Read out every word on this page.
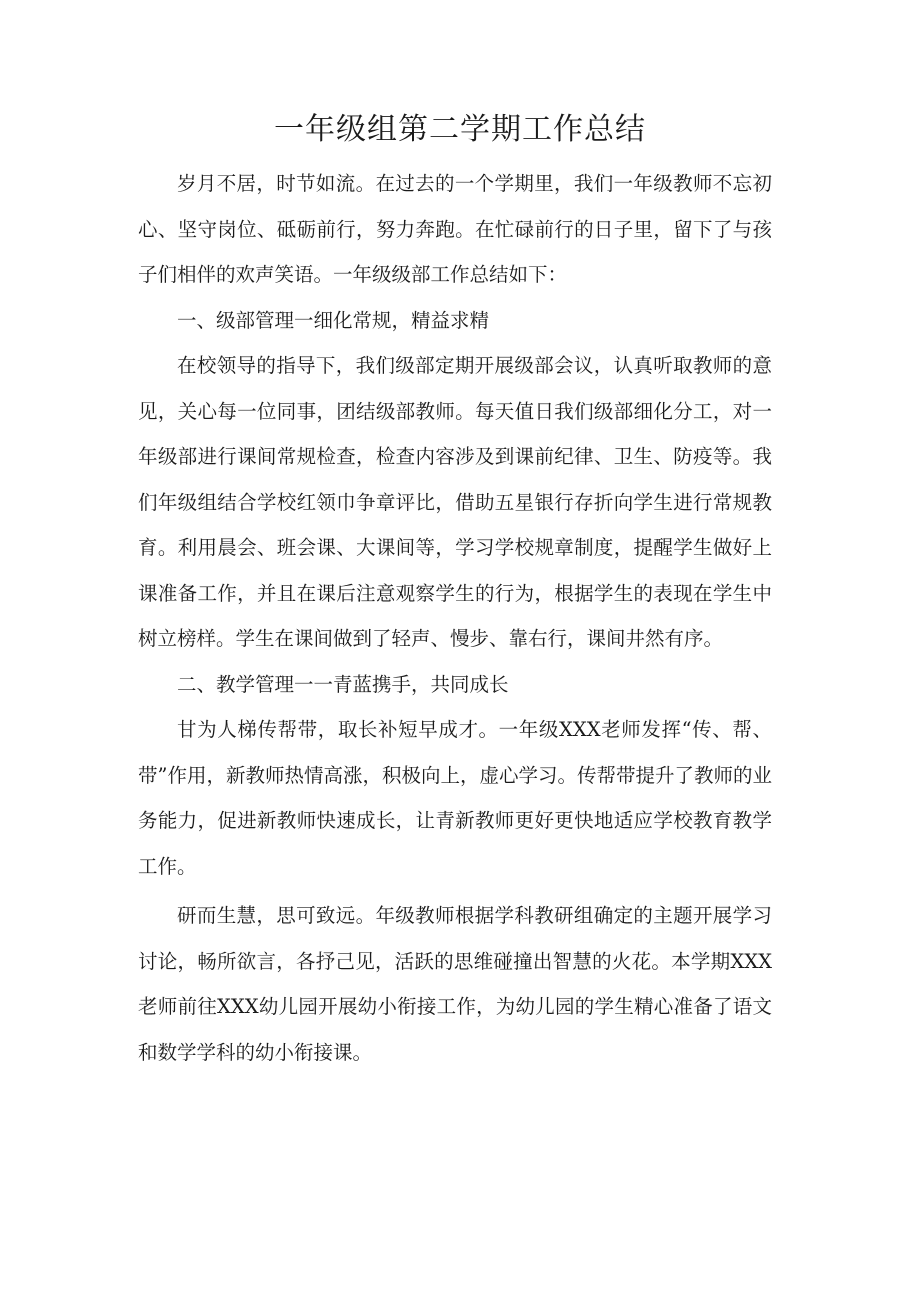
一年级组第二学期工作总结

岁月不居，时节如流。在过去的一个学期里，我们一年级教师不忘初心、坚守岗位、砥砺前行，努力奔跑。在忙碌前行的日子里，留下了与孩子们相伴的欢声笑语。一年级级部工作总结如下：

一、级部管理一细化常规，精益求精

在校领导的指导下，我们级部定期开展级部会议，认真听取教师的意见，关心每一位同事，团结级部教师。每天值日我们级部细化分工，对一年级部进行课间常规检查，检查内容涉及到课前纪律、卫生、防疫等。我们年级组结合学校红领巾争章评比，借助五星银行存折向学生进行常规教育。利用晨会、班会课、大课间等，学习学校规章制度，提醒学生做好上课准备工作，并且在课后注意观察学生的行为，根据学生的表现在学生中树立榜样。学生在课间做到了轻声、慢步、靠右行，课间井然有序。

二、教学管理一一青蓝携手，共同成长

甘为人梯传帮带，取长补短早成才。一年级XXX老师发挥“传、帮、带”作用，新教师热情高涨，积极向上，虚心学习。传帮带提升了教师的业务能力，促进新教师快速成长，让青新教师更好更快地适应学校教育教学工作。

研而生慧，思可致远。年级教师根据学科教研组确定的主题开展学习讨论，畅所欲言，各抒己见，活跃的思维碰撞出智慧的火花。本学期XXX老师前往XXX幼儿园开展幼小衔接工作，为幼儿园的学生精心准备了语文和数学学科的幼小衔接课。
